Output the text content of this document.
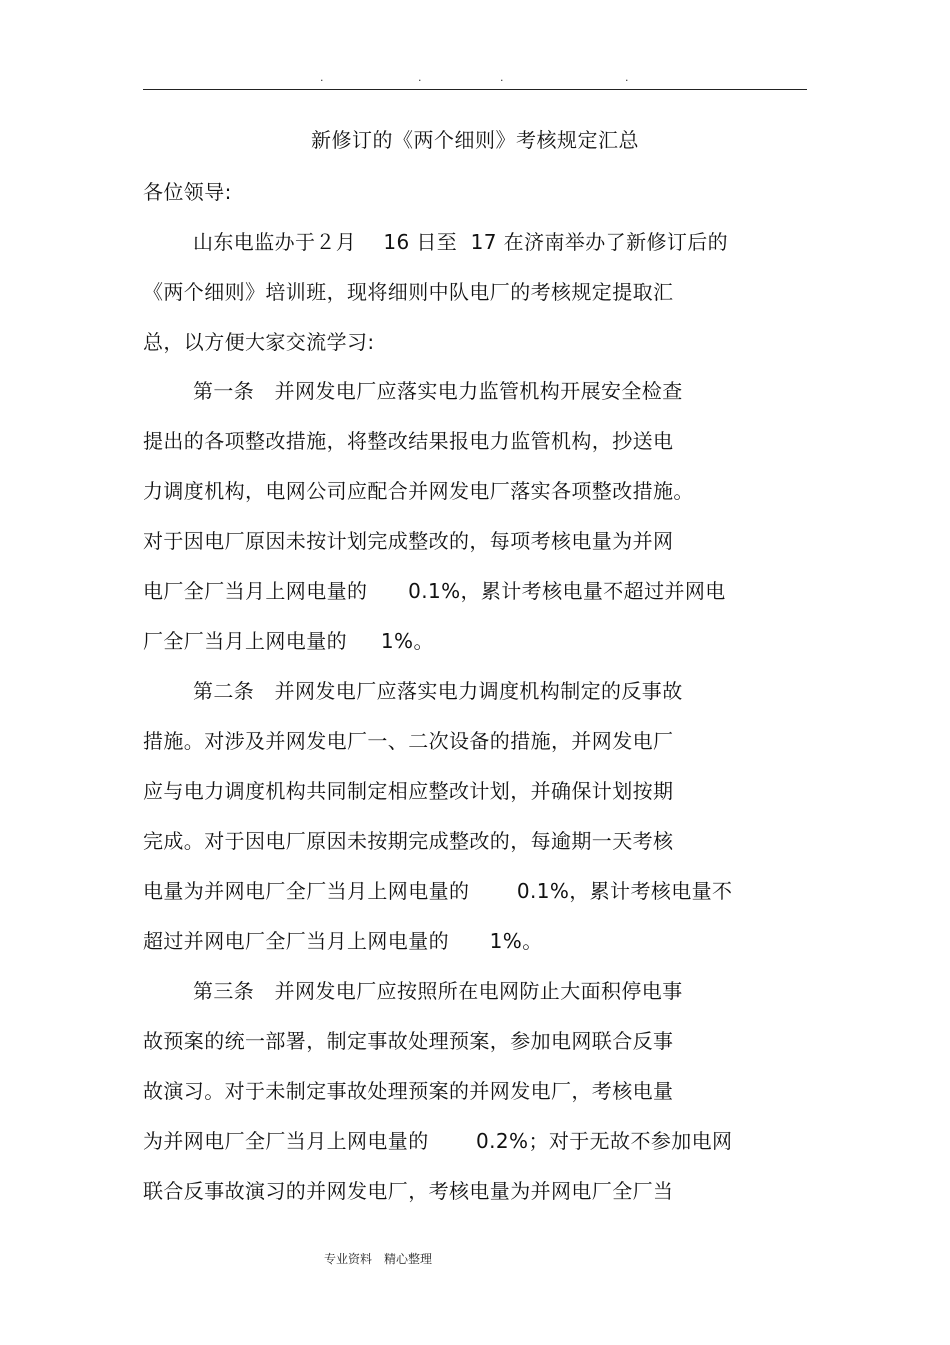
.	.	.	.
新修订的《两个细则》考核规定汇总
各位领导:
山东电监办于２月　 16 日至  17 在济南举办了新修订后的
《两个细则》培训班，现将细则中队电厂的考核规定提取汇
总，以方便大家交流学习:
第一条　并网发电厂应落实电力监管机构开展安全检查
提出的各项整改措施，将整改结果报电力监管机构，抄送电
力调度机构，电网公司应配合并网发电厂落实各项整改措施。
对于因电厂原因未按计划完成整改的，每项考核电量为并网
电厂全厂当月上网电量的　   0.1%，累计考核电量不超过并网电
厂全厂当月上网电量的　  1%。
第二条　并网发电厂应落实电力调度机构制定的反事故
措施。对涉及并网发电厂一、二次设备的措施，并网发电厂
应与电力调度机构共同制定相应整改计划，并确保计划按期
完成。对于因电厂原因未按期完成整改的，每逾期一天考核
电量为并网电厂全厂当月上网电量的　    0.1%，累计考核电量不
超过并网电厂全厂当月上网电量的　   1%。
第三条　并网发电厂应按照所在电网防止大面积停电事
故预案的统一部署，制定事故处理预案，参加电网联合反事
故演习。对于未制定事故处理预案的并网发电厂，考核电量
为并网电厂全厂当月上网电量的　    0.2%；对于无故不参加电网
联合反事故演习的并网发电厂，考核电量为并网电厂全厂当
专业资料　精心整理
